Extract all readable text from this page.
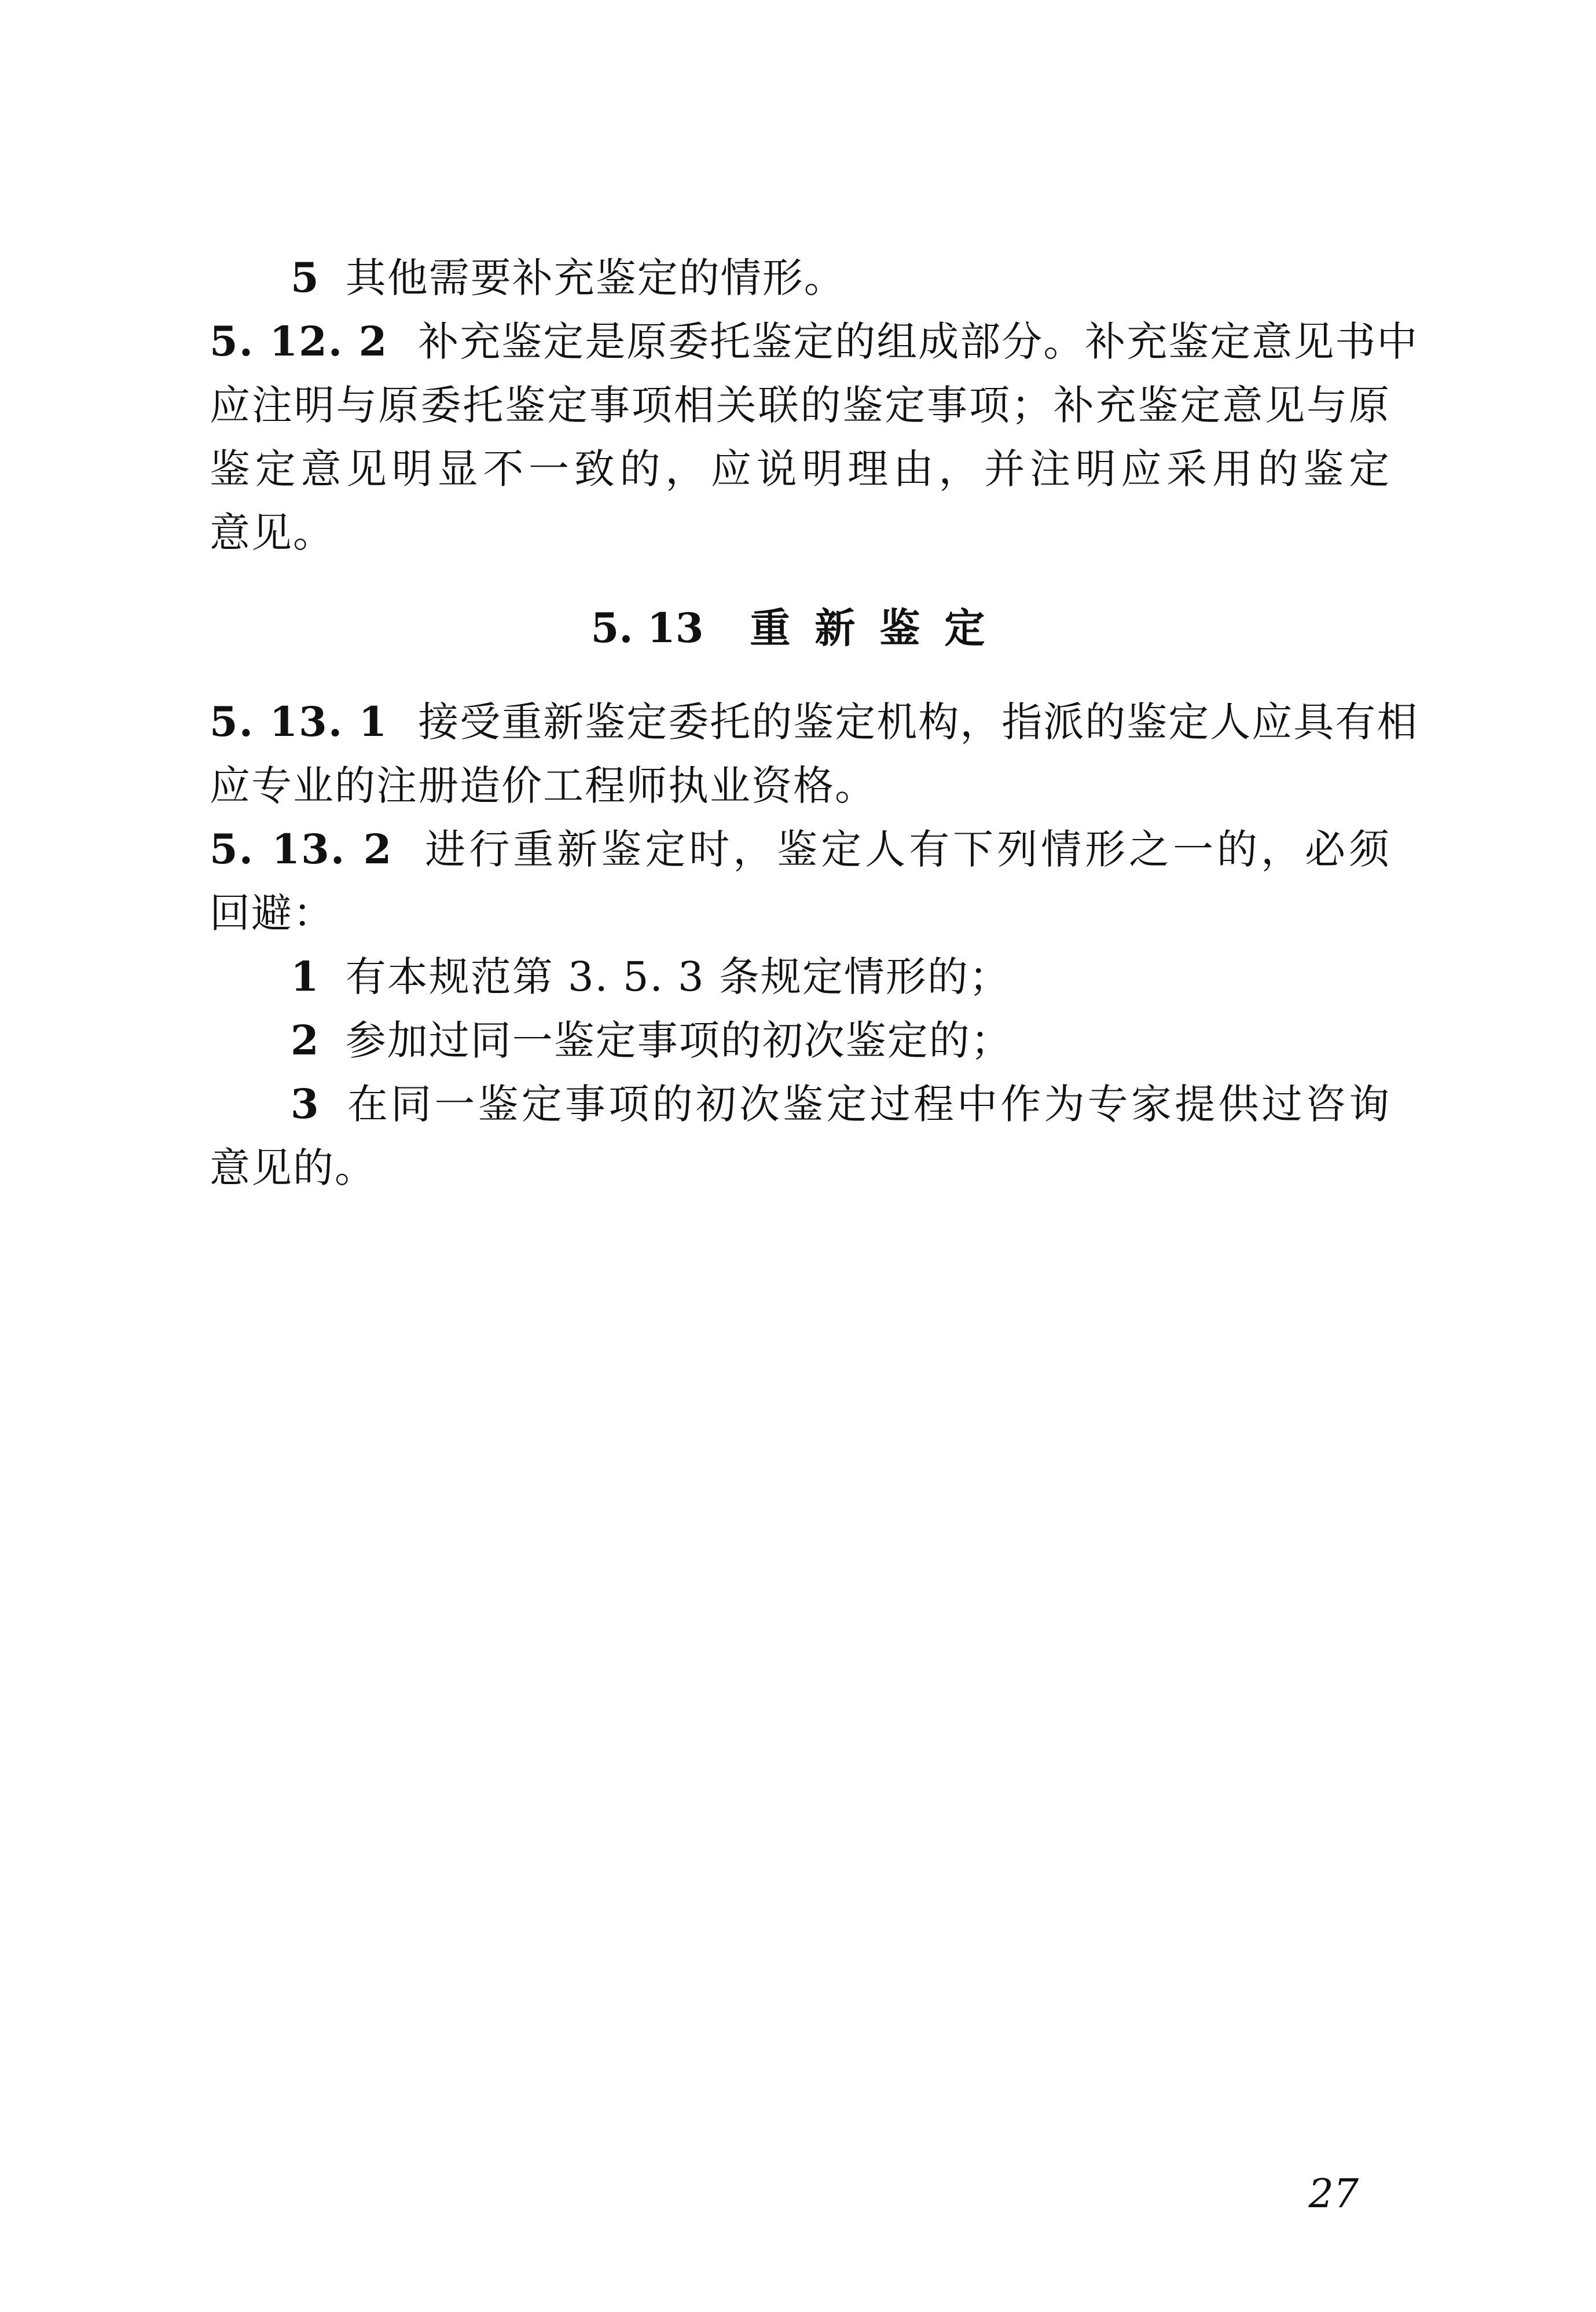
5 其他需要补充鉴定的情形。
5. 12. 2 补充鉴定是原委托鉴定的组成部分。补充鉴定意见书中
应注明与原委托鉴定事项相关联的鉴定事项；补充鉴定意见与原
鉴定意见明显不一致的，应说明理由，并注明应采用的鉴定
意见。
5. 13 重新鉴定
5. 13. 1 接受重新鉴定委托的鉴定机构，指派的鉴定人应具有相
应专业的注册造价工程师执业资格。
5. 13. 2 进行重新鉴定时，鉴定人有下列情形之一的，必须
回避：
1 有本规范第 3. 5. 3 条规定情形的；
2 参加过同一鉴定事项的初次鉴定的；
3 在同一鉴定事项的初次鉴定过程中作为专家提供过咨询
意见的。
27
